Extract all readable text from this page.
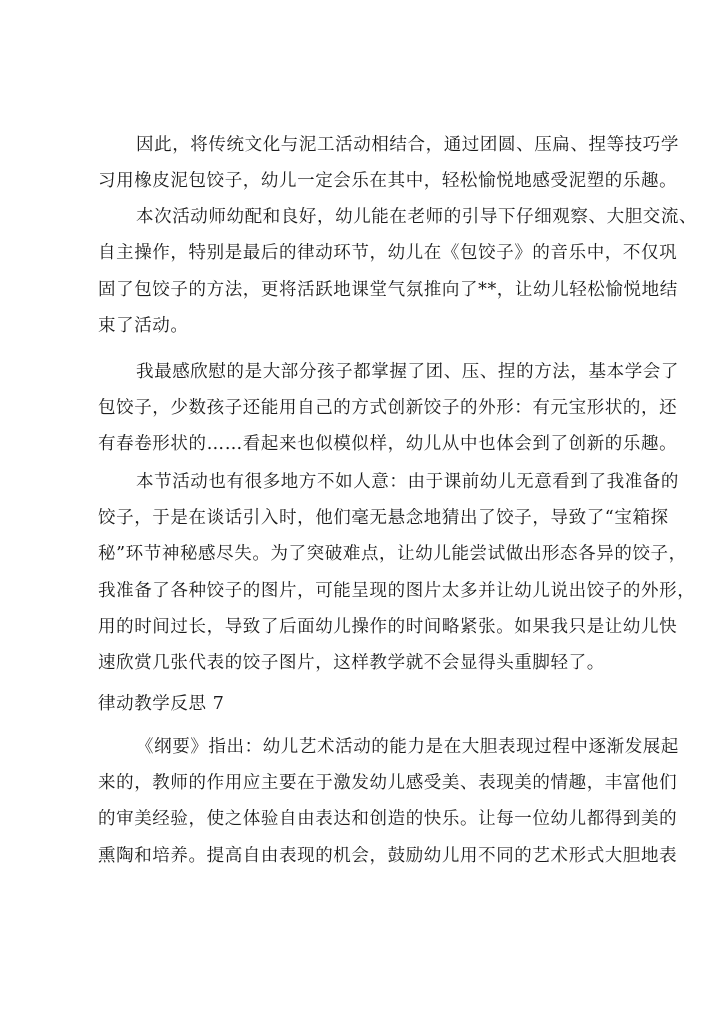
因此，将传统文化与泥工活动相结合，通过团圆、压扁、捏等技巧学
习用橡皮泥包饺子，幼儿一定会乐在其中，轻松愉悦地感受泥塑的乐趣。
本次活动师幼配和良好，幼儿能在老师的引导下仔细观察、大胆交流、
自主操作，特别是最后的律动环节，幼儿在《包饺子》的音乐中，不仅巩
固了包饺子的方法，更将活跃地课堂气氛推向了**，让幼儿轻松愉悦地结
束了活动。
我最感欣慰的是大部分孩子都掌握了团、压、捏的方法，基本学会了
包饺子，少数孩子还能用自己的方式创新饺子的外形：有元宝形状的，还
有春卷形状的……看起来也似模似样，幼儿从中也体会到了创新的乐趣。
本节活动也有很多地方不如人意：由于课前幼儿无意看到了我准备的
饺子，于是在谈话引入时，他们毫无悬念地猜出了饺子，导致了“宝箱探
秘”环节神秘感尽失。为了突破难点，让幼儿能尝试做出形态各异的饺子，
我准备了各种饺子的图片，可能呈现的图片太多并让幼儿说出饺子的外形，
用的时间过长，导致了后面幼儿操作的时间略紧张。如果我只是让幼儿快
速欣赏几张代表的饺子图片，这样教学就不会显得头重脚轻了。
律动教学反思 7
《纲要》指出：幼儿艺术活动的能力是在大胆表现过程中逐渐发展起
来的，教师的作用应主要在于激发幼儿感受美、表现美的情趣，丰富他们
的审美经验，使之体验自由表达和创造的快乐。让每一位幼儿都得到美的
熏陶和培养。提高自由表现的机会，鼓励幼儿用不同的艺术形式大胆地表
